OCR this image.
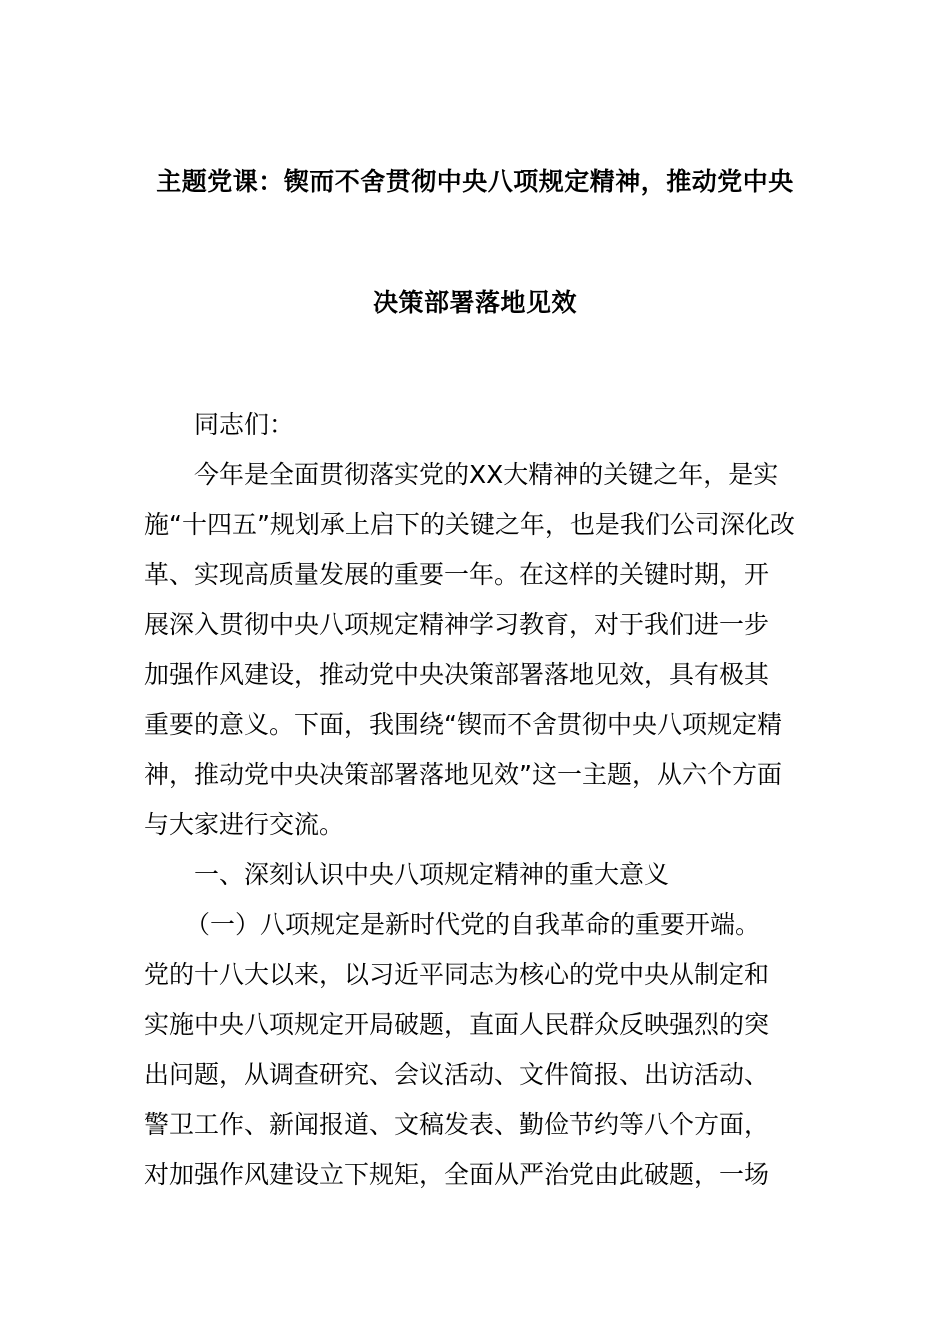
主题党课：锲而不舍贯彻中央八项规定精神，推动党中央
决策部署落地见效
同志们：
今年是全面贯彻落实党的XX大精神的关键之年，是实
施“十四五”规划承上启下的关键之年，也是我们公司深化改
革、实现高质量发展的重要一年。在这样的关键时期，开
展深入贯彻中央八项规定精神学习教育，对于我们进一步
加强作风建设，推动党中央决策部署落地见效，具有极其
重要的意义。下面，我围绕“锲而不舍贯彻中央八项规定精
神，推动党中央决策部署落地见效”这一主题，从六个方面
与大家进行交流。
一、深刻认识中央八项规定精神的重大意义
（一）八项规定是新时代党的自我革命的重要开端。
党的十八大以来，以习近平同志为核心的党中央从制定和
实施中央八项规定开局破题，直面人民群众反映强烈的突
出问题，从调查研究、会议活动、文件简报、出访活动、
警卫工作、新闻报道、文稿发表、勤俭节约等八个方面，
对加强作风建设立下规矩，全面从严治党由此破题，一场
